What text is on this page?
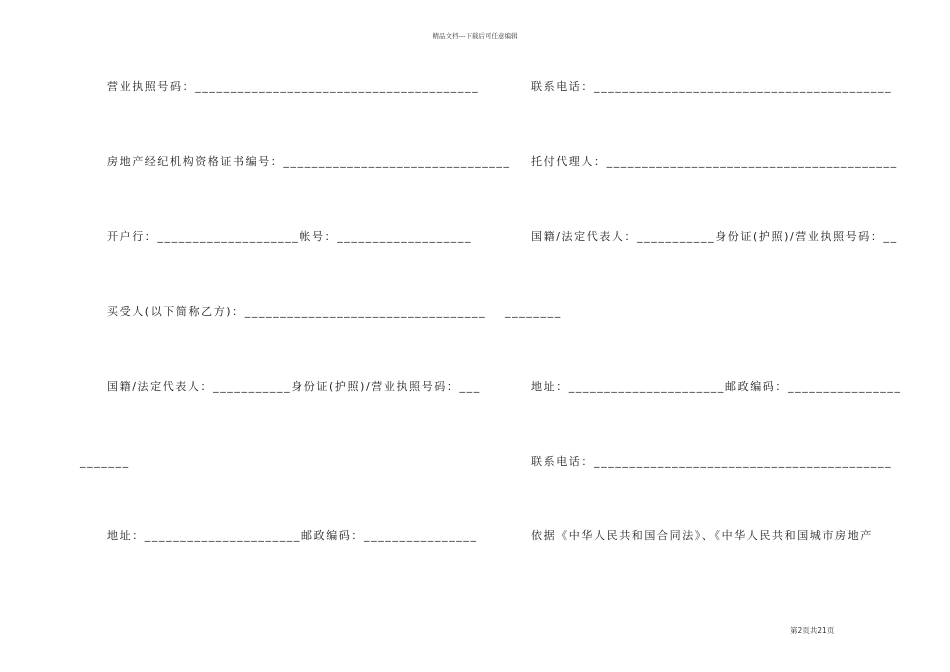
精品文档---下载后可任意编辑
营业执照号码：________________________________________
房地产经纪机构资格证书编号：________________________________
开户行：____________________帐号：___________________
买受人(以下简称乙方)：__________________________________
国籍/法定代表人：___________身份证(护照)/营业执照号码：___
_______
地址：______________________邮政编码：________________
联系电话：__________________________________________
托付代理人：_________________________________________
国籍/法定代表人：___________身份证(护照)/营业执照号码：__
________
地址：______________________邮政编码：________________
联系电话：__________________________________________
依据《中华人民共和国合同法》、《中华人民共和国城市房地产
第2页共21页
